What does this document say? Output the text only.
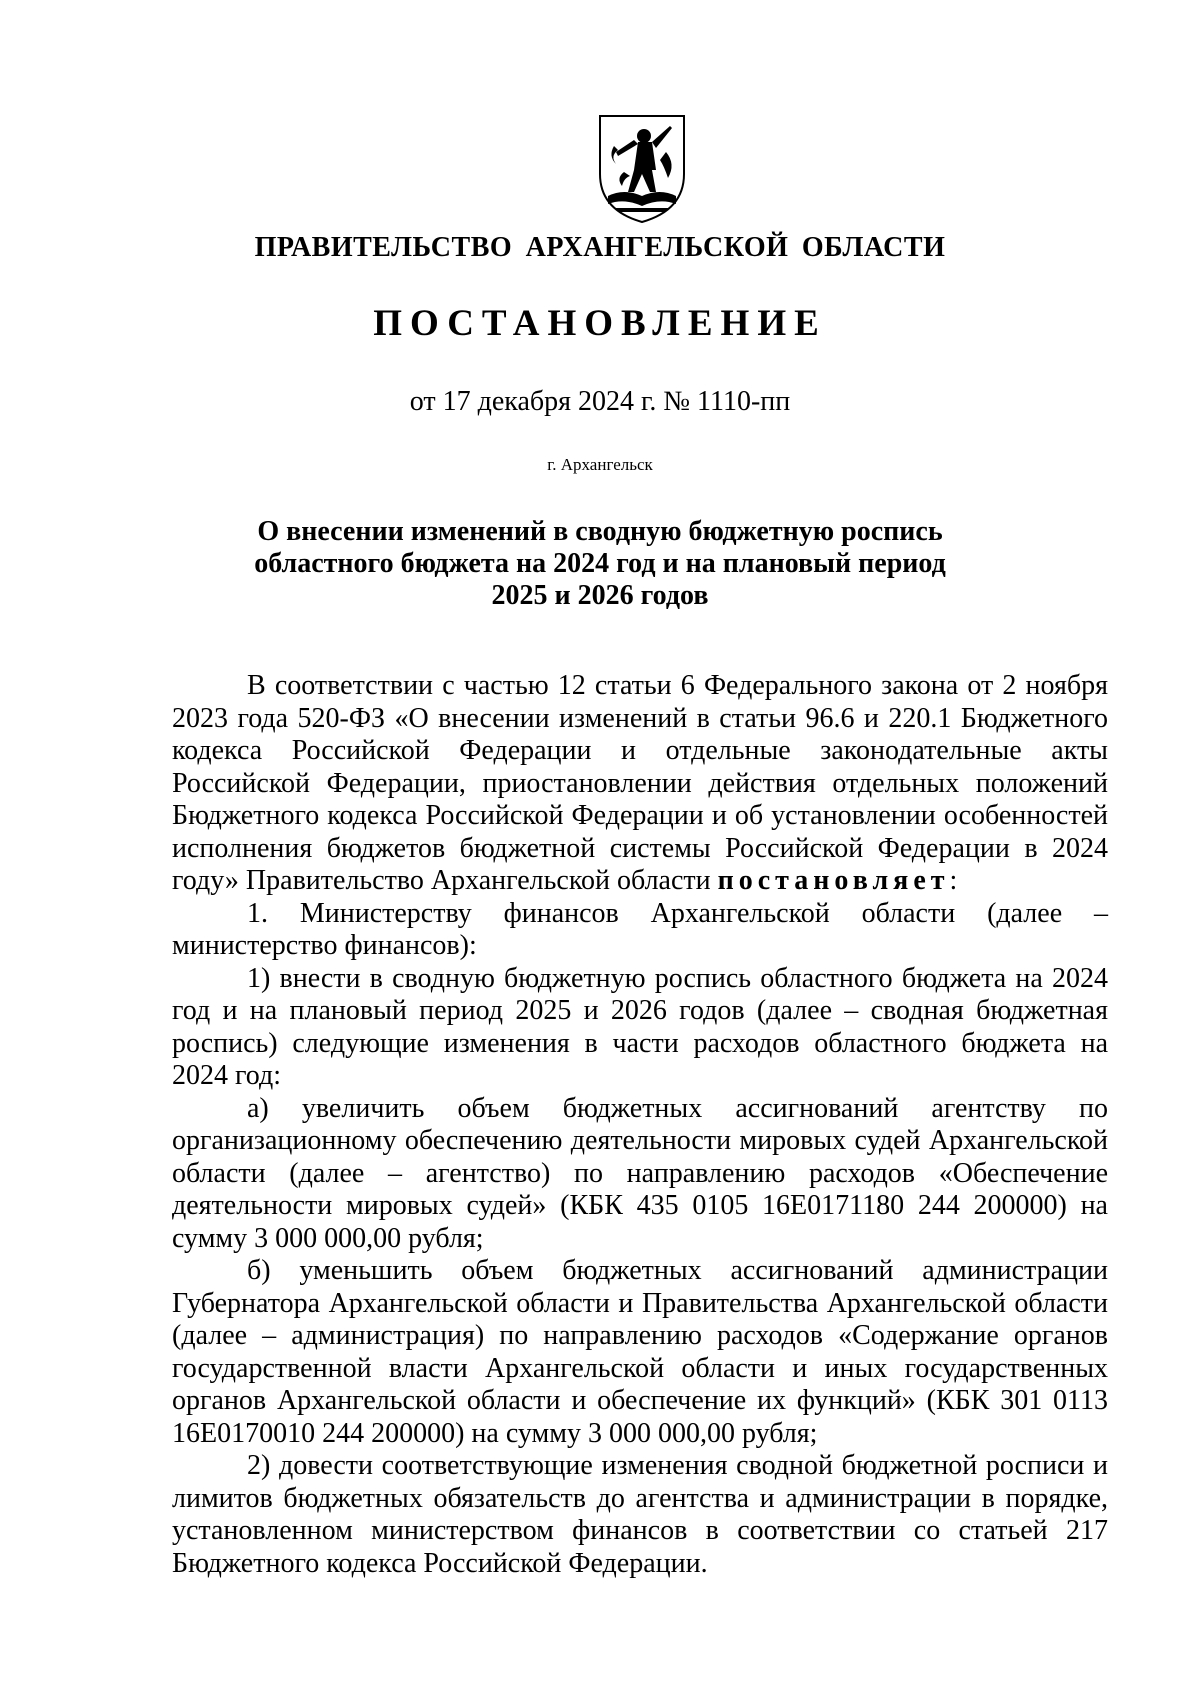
ПРАВИТЕЛЬСТВО АРХАНГЕЛЬСКОЙ ОБЛАСТИ
ПОСТАНОВЛЕНИЕ
от 17 декабря 2024 г. № 1110-пп
г. Архангельск
О внесении изменений в сводную бюджетную роспись
областного бюджета на 2024 год и на плановый период
2025 и 2026 годов

В соответствии с частью 12 статьи 6 Федерального закона от 2 ноября 2023 года 520-ФЗ «О внесении изменений в статьи 96.6 и 220.1 Бюджетного кодекса Российской Федерации и отдельные законодательные акты Российской Федерации, приостановлении действия отдельных положений Бюджетного кодекса Российской Федерации и об установлении особенностей исполнения бюджетов бюджетной системы Российской Федерации в 2024 году» Правительство Архангельской области постановляет:

1. Министерству финансов Архангельской области (далее – министерство финансов):

1) внести в сводную бюджетную роспись областного бюджета на 2024 год и на плановый период 2025 и 2026 годов (далее – сводная бюджетная роспись) следующие изменения в части расходов областного бюджета на 2024 год:

а) увеличить объем бюджетных ассигнований агентству по организационному обеспечению деятельности мировых судей Архангельской области (далее – агентство) по направлению расходов «Обеспечение деятельности мировых судей» (КБК 435 0105 16Е0171180 244 200000) на сумму 3 000 000,00 рубля;

б) уменьшить объем бюджетных ассигнований администрации Губернатора Архангельской области и Правительства Архангельской области (далее – администрация) по направлению расходов «Содержание органов государственной власти Архангельской области и иных государственных органов Архангельской области и обеспечение их функций» (КБК 301 0113 16Е0170010 244 200000) на сумму 3 000 000,00 рубля;

2) довести соответствующие изменения сводной бюджетной росписи и лимитов бюджетных обязательств до агентства и администрации в порядке, установленном министерством финансов в соответствии со статьей 217 Бюджетного кодекса Российской Федерации.
